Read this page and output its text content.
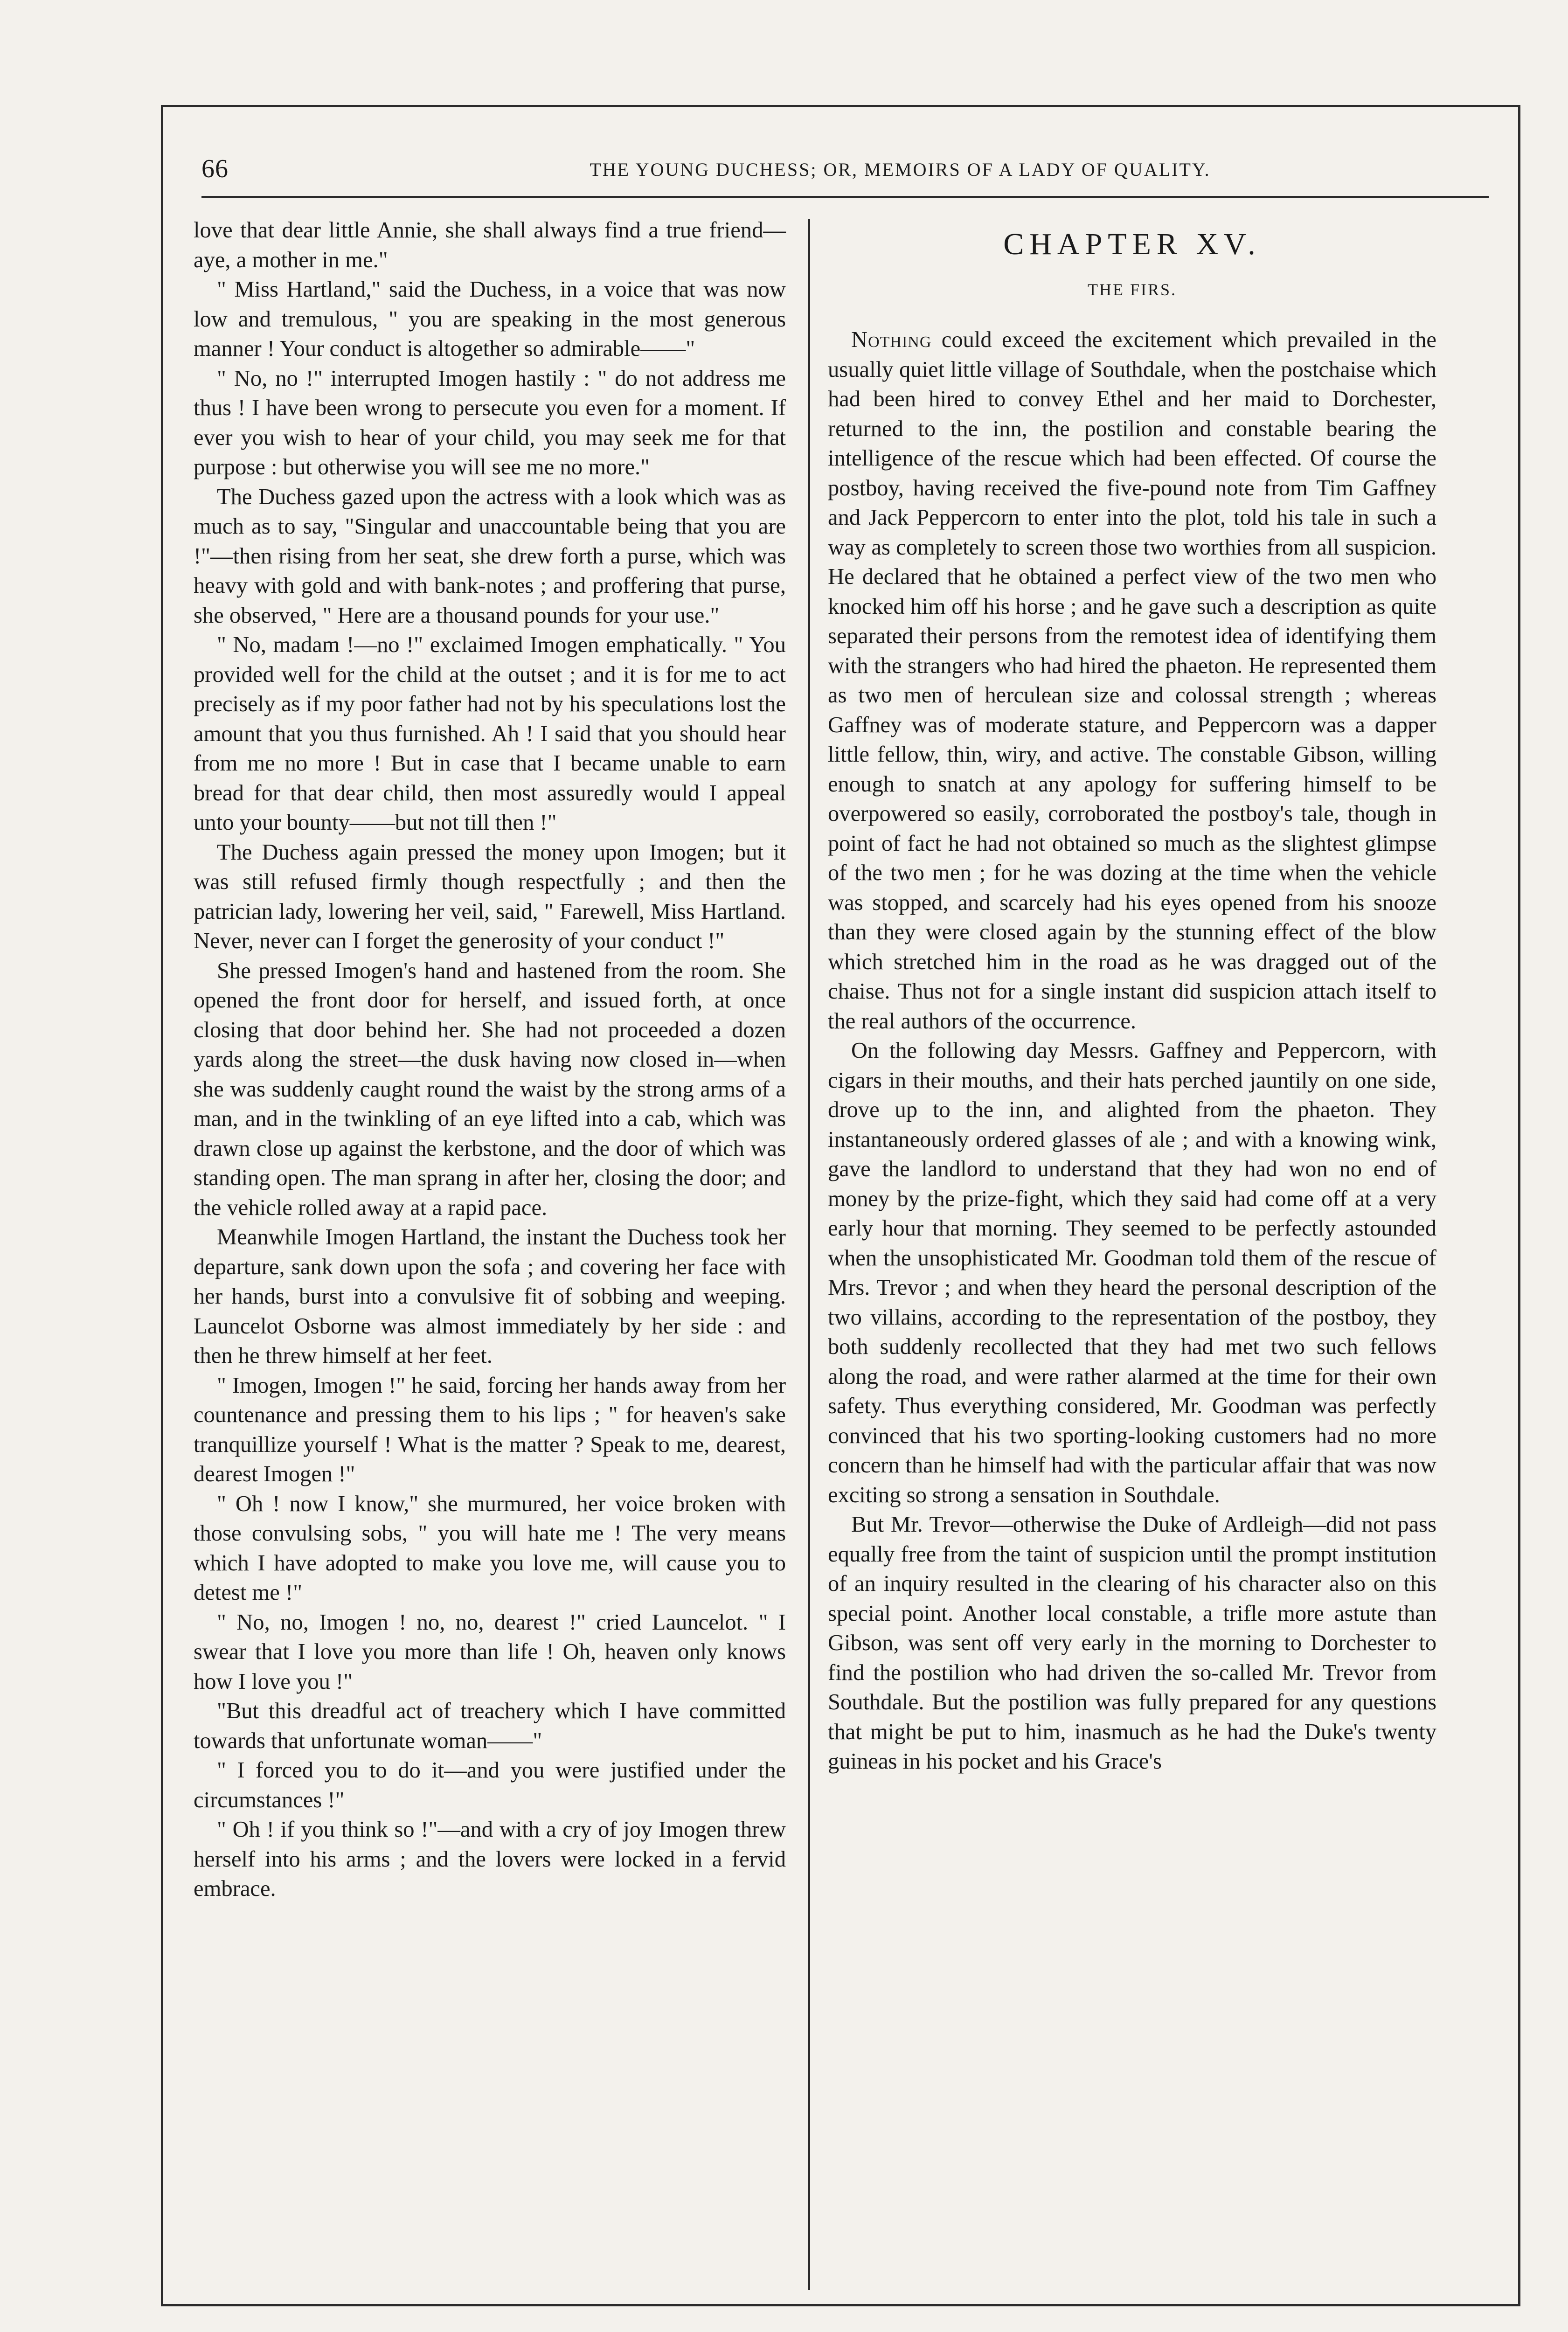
66	THE YOUNG DUCHESS; OR, MEMOIRS OF A LADY OF QUALITY.

love that dear little Annie, she shall always find a true friend—aye, a mother in me."

" Miss Hartland," said the Duchess, in a voice that was now low and tremulous, " you are speaking in the most generous manner ! Your conduct is altogether so admirable——"

" No, no !" interrupted Imogen hastily : " do not address me thus ! I have been wrong to persecute you even for a moment. If ever you wish to hear of your child, you may seek me for that purpose : but otherwise you will see me no more."

The Duchess gazed upon the actress with a look which was as much as to say, "Singular and unaccountable being that you are !"—then rising from her seat, she drew forth a purse, which was heavy with gold and with bank-notes ; and proffering that purse, she observed, " Here are a thousand pounds for your use."

" No, madam !—no !" exclaimed Imogen emphatically. " You provided well for the child at the outset ; and it is for me to act precisely as if my poor father had not by his speculations lost the amount that you thus furnished. Ah ! I said that you should hear from me no more ! But in case that I became unable to earn bread for that dear child, then most assuredly would I appeal unto your bounty——but not till then !"

The Duchess again pressed the money upon Imogen; but it was still refused firmly though respectfully ; and then the patrician lady, lowering her veil, said, " Farewell, Miss Hartland. Never, never can I forget the generosity of your conduct !"

She pressed Imogen's hand and hastened from the room. She opened the front door for herself, and issued forth, at once closing that door behind her. She had not proceeded a dozen yards along the street—the dusk having now closed in—when she was suddenly caught round the waist by the strong arms of a man, and in the twinkling of an eye lifted into a cab, which was drawn close up against the kerbstone, and the door of which was standing open. The man sprang in after her, closing the door; and the vehicle rolled away at a rapid pace.

Meanwhile Imogen Hartland, the instant the Duchess took her departure, sank down upon the sofa ; and covering her face with her hands, burst into a convulsive fit of sobbing and weeping. Launcelot Osborne was almost immediately by her side : and then he threw himself at her feet.

" Imogen, Imogen !" he said, forcing her hands away from her countenance and pressing them to his lips ; " for heaven's sake tranquillize yourself ! What is the matter ? Speak to me, dearest, dearest Imogen !"

" Oh ! now I know," she murmured, her voice broken with those convulsing sobs, " you will hate me ! The very means which I have adopted to make you love me, will cause you to detest me !"

" No, no, Imogen ! no, no, dearest !" cried Launcelot. " I swear that I love you more than life ! Oh, heaven only knows how I love you !"

"But this dreadful act of treachery which I have committed towards that unfortunate woman——"

" I forced you to do it—and you were justified under the circumstances !"

" Oh ! if you think so !"—and with a cry of joy Imogen threw herself into his arms ; and the lovers were locked in a fervid embrace.

CHAPTER XV.
THE FIRS.

Nothing could exceed the excitement which prevailed in the usually quiet little village of Southdale, when the postchaise which had been hired to convey Ethel and her maid to Dorchester, returned to the inn, the postilion and constable bearing the intelligence of the rescue which had been effected. Of course the postboy, having received the five-pound note from Tim Gaffney and Jack Peppercorn to enter into the plot, told his tale in such a way as completely to screen those two worthies from all suspicion. He declared that he obtained a perfect view of the two men who knocked him off his horse ; and he gave such a description as quite separated their persons from the remotest idea of identifying them with the strangers who had hired the phaeton. He represented them as two men of herculean size and colossal strength ; whereas Gaffney was of moderate stature, and Peppercorn was a dapper little fellow, thin, wiry, and active. The constable Gibson, willing enough to snatch at any apology for suffering himself to be overpowered so easily, corroborated the postboy's tale, though in point of fact he had not obtained so much as the slightest glimpse of the two men ; for he was dozing at the time when the vehicle was stopped, and scarcely had his eyes opened from his snooze than they were closed again by the stunning effect of the blow which stretched him in the road as he was dragged out of the chaise. Thus not for a single instant did suspicion attach itself to the real authors of the occurrence.

On the following day Messrs. Gaffney and Peppercorn, with cigars in their mouths, and their hats perched jauntily on one side, drove up to the inn, and alighted from the phaeton. They instantaneously ordered glasses of ale ; and with a knowing wink, gave the landlord to understand that they had won no end of money by the prize-fight, which they said had come off at a very early hour that morning. They seemed to be perfectly astounded when the unsophisticated Mr. Goodman told them of the rescue of Mrs. Trevor ; and when they heard the personal description of the two villains, according to the representation of the postboy, they both suddenly recollected that they had met two such fellows along the road, and were rather alarmed at the time for their own safety. Thus everything considered, Mr. Goodman was perfectly convinced that his two sporting-looking customers had no more concern than he himself had with the particular affair that was now exciting so strong a sensation in Southdale.

But Mr. Trevor—otherwise the Duke of Ardleigh—did not pass equally free from the taint of suspicion until the prompt institution of an inquiry resulted in the clearing of his character also on this special point. Another local constable, a trifle more astute than Gibson, was sent off very early in the morning to Dorchester to find the postilion who had driven the so-called Mr. Trevor from Southdale. But the postilion was fully prepared for any questions that might be put to him, inasmuch as he had the Duke's twenty guineas in his pocket and his Grace's
